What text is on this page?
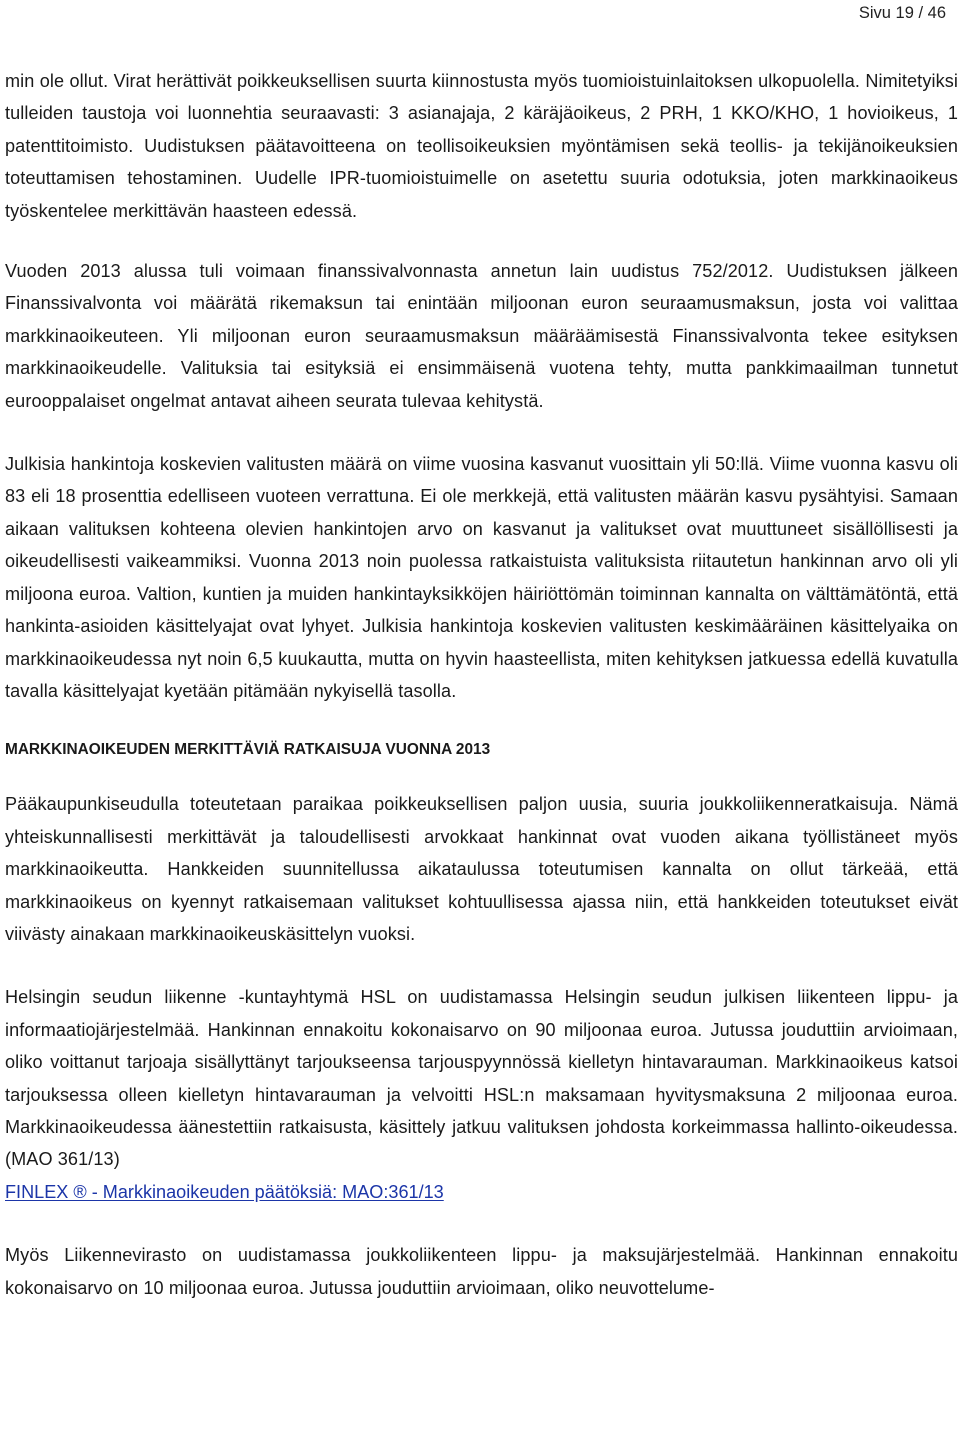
Sivu 19 / 46

min ole ollut. Virat herättivät poikkeuksellisen suurta kiinnostusta myös tuomioistuinlaitoksen ulkopuolella. Nimitetyiksi tulleiden taustoja voi luonnehtia seuraavasti: 3 asianajaja, 2 käräjäoikeus, 2 PRH, 1 KKO/KHO, 1 hovioikeus, 1 patenttitoimisto. Uudistuksen päätavoitteena on teollisoikeuksien myöntämisen sekä teollis- ja tekijänoikeuksien toteuttamisen tehostaminen. Uudelle IPR-tuomioistuimelle on asetettu suuria odotuksia, joten markkinaoikeus työskentelee merkittävän haasteen edessä.

Vuoden 2013 alussa tuli voimaan finanssivalvonnasta annetun lain uudistus 752/2012. Uudistuksen jälkeen Finanssivalvonta voi määrätä rikemaksun tai enintään miljoonan euron seuraamusmaksun, josta voi valittaa markkinaoikeuteen. Yli miljoonan euron seuraamusmaksun määräämisestä Finanssivalvonta tekee esityksen markkinaoikeudelle. Valituksia tai esityksiä ei ensimmäisenä vuotena tehty, mutta pankkimaailman tunnetut eurooppalaiset ongelmat antavat aiheen seurata tulevaa kehitystä.

Julkisia hankintoja koskevien valitusten määrä on viime vuosina kasvanut vuosittain yli 50:llä. Viime vuonna kasvu oli 83 eli 18 prosenttia edelliseen vuoteen verrattuna. Ei ole merkkejä, että valitusten määrän kasvu pysähtyisi. Samaan aikaan valituksen kohteena olevien hankintojen arvo on kasvanut ja valitukset ovat muuttuneet sisällöllisesti ja oikeudellisesti vaikeammiksi. Vuonna 2013 noin puolessa ratkaistuista valituksista riitautetun hankinnan arvo oli yli miljoona euroa. Valtion, kuntien ja muiden hankintayksikköjen häiriöttömän toiminnan kannalta on välttämätöntä, että hankinta-asioiden käsittelyajat ovat lyhyet. Julkisia hankintoja koskevien valitusten keskimääräinen käsittelyaika on markkinaoikeudessa nyt noin 6,5 kuukautta, mutta on hyvin haasteellista, miten kehityksen jatkuessa edellä kuvatulla tavalla käsittelyajat kyetään pitämään nykyisellä tasolla.

MARKKINAOIKEUDEN MERKITTÄVIÄ RATKAISUJA VUONNA 2013

Pääkaupunkiseudulla toteutetaan paraikaa poikkeuksellisen paljon uusia, suuria joukkoliikenneratkaisuja. Nämä yhteiskunnallisesti merkittävät ja taloudellisesti arvokkaat hankinnat ovat vuoden aikana työllistäneet myös markkinaoikeutta. Hankkeiden suunnitellussa aikataulussa toteutumisen kannalta on ollut tärkeää, että markkinaoikeus on kyennyt ratkaisemaan valitukset kohtuullisessa ajassa niin, että hankkeiden toteutukset eivät viivästy ainakaan markkinaoikeuskäsittelyn vuoksi.

Helsingin seudun liikenne -kuntayhtymä HSL on uudistamassa Helsingin seudun julkisen liikenteen lippu- ja informaatiojärjestelmää. Hankinnan ennakoitu kokonaisarvo on 90 miljoonaa euroa. Jutussa jouduttiin arvioimaan, oliko voittanut tarjoaja sisällyttänyt tarjoukseensa tarjouspyynnössä kielletyn hintavarauman. Markkinaoikeus katsoi tarjouksessa olleen kielletyn hintavarauman ja velvoitti HSL:n maksamaan hyvitysmaksuna 2 miljoonaa euroa. Markkinaoikeudessa äänestettiin ratkaisusta, käsittely jatkuu valituksen johdosta korkeimmassa hallinto-oikeudessa. (MAO 361/13)

FINLEX ® - Markkinaoikeuden päätöksiä: MAO:361/13

Myös Liikennevirasto on uudistamassa joukkoliikenteen lippu- ja maksujärjestelmää. Hankinnan ennakoitu kokonaisarvo on 10 miljoonaa euroa. Jutussa jouduttiin arvioimaan, oliko neuvottelume-
